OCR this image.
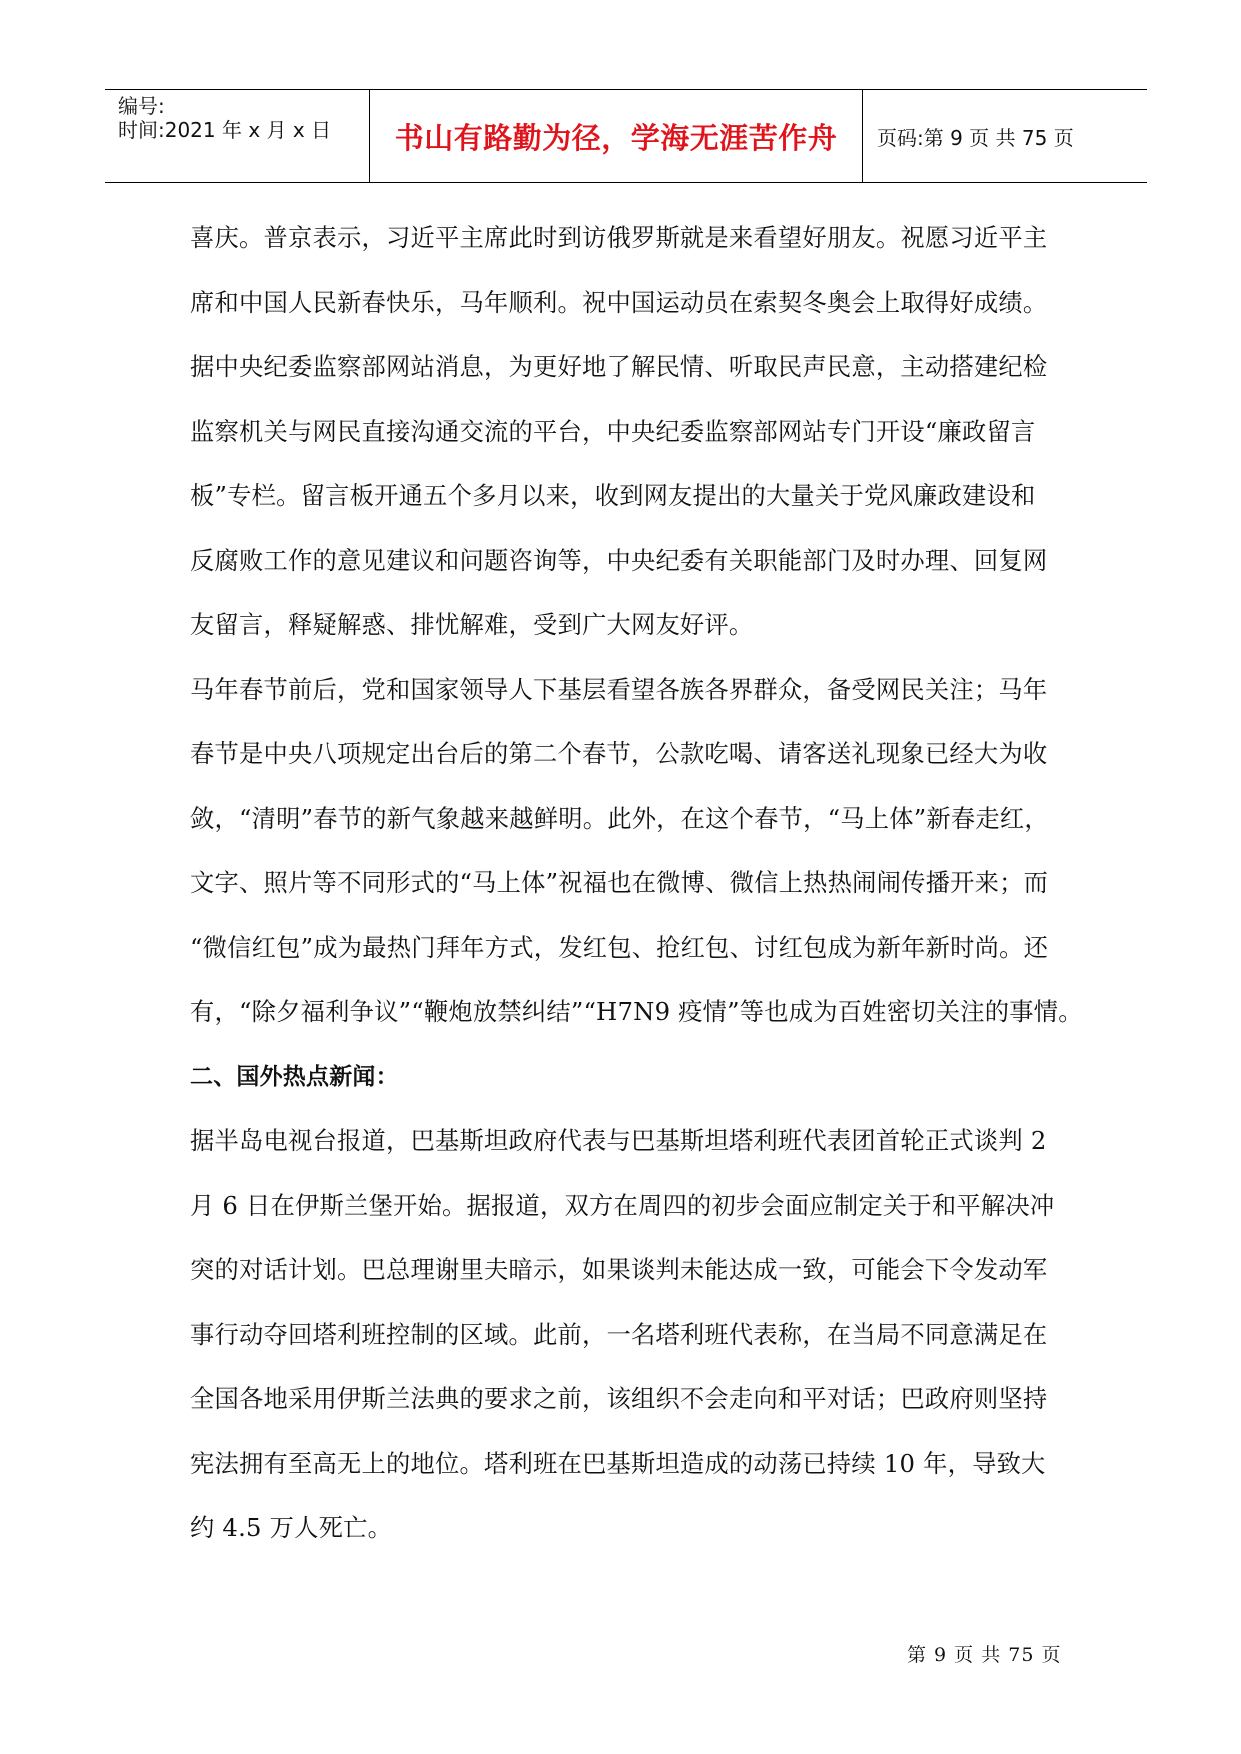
编号:
时间:2021 年 x 月 x 日	书山有路勤为径，学海无涯苦作舟 页码:第 9 页 共 75 页
喜庆。普京表示，习近平主席此时到访俄罗斯就是来看望好朋友。祝愿习近平主
席和中国人民新春快乐，马年顺利。祝中国运动员在索契冬奥会上取得好成绩。
据中央纪委监察部网站消息，为更好地了解民情、听取民声民意，主动搭建纪检
监察机关与网民直接沟通交流的平台，中央纪委监察部网站专门开设“廉政留言
板”专栏。留言板开通五个多月以来，收到网友提出的大量关于党风廉政建设和
反腐败工作的意见建议和问题咨询等，中央纪委有关职能部门及时办理、回复网
友留言，释疑解惑、排忧解难，受到广大网友好评。
马年春节前后，党和国家领导人下基层看望各族各界群众，备受网民关注；马年
春节是中央八项规定出台后的第二个春节，公款吃喝、请客送礼现象已经大为收
敛，“清明”春节的新气象越来越鲜明。此外，在这个春节，“马上体”新春走红，
文字、照片等不同形式的“马上体”祝福也在微博、微信上热热闹闹传播开来；而
“微信红包”成为最热门拜年方式，发红包、抢红包、讨红包成为新年新时尚。还
有，“除夕福利争议”“鞭炮放禁纠结”“H7N9 疫情”等也成为百姓密切关注的事情。
二、国外热点新闻：
据半岛电视台报道，巴基斯坦政府代表与巴基斯坦塔利班代表团首轮正式谈判 2
月 6 日在伊斯兰堡开始。据报道，双方在周四的初步会面应制定关于和平解决冲
突的对话计划。巴总理谢里夫暗示，如果谈判未能达成一致，可能会下令发动军
事行动夺回塔利班控制的区域。此前，一名塔利班代表称，在当局不同意满足在
全国各地采用伊斯兰法典的要求之前，该组织不会走向和平对话；巴政府则坚持
宪法拥有至高无上的地位。塔利班在巴基斯坦造成的动荡已持续 10 年，导致大
约 4.5 万人死亡。
第 9 页 共 75 页
